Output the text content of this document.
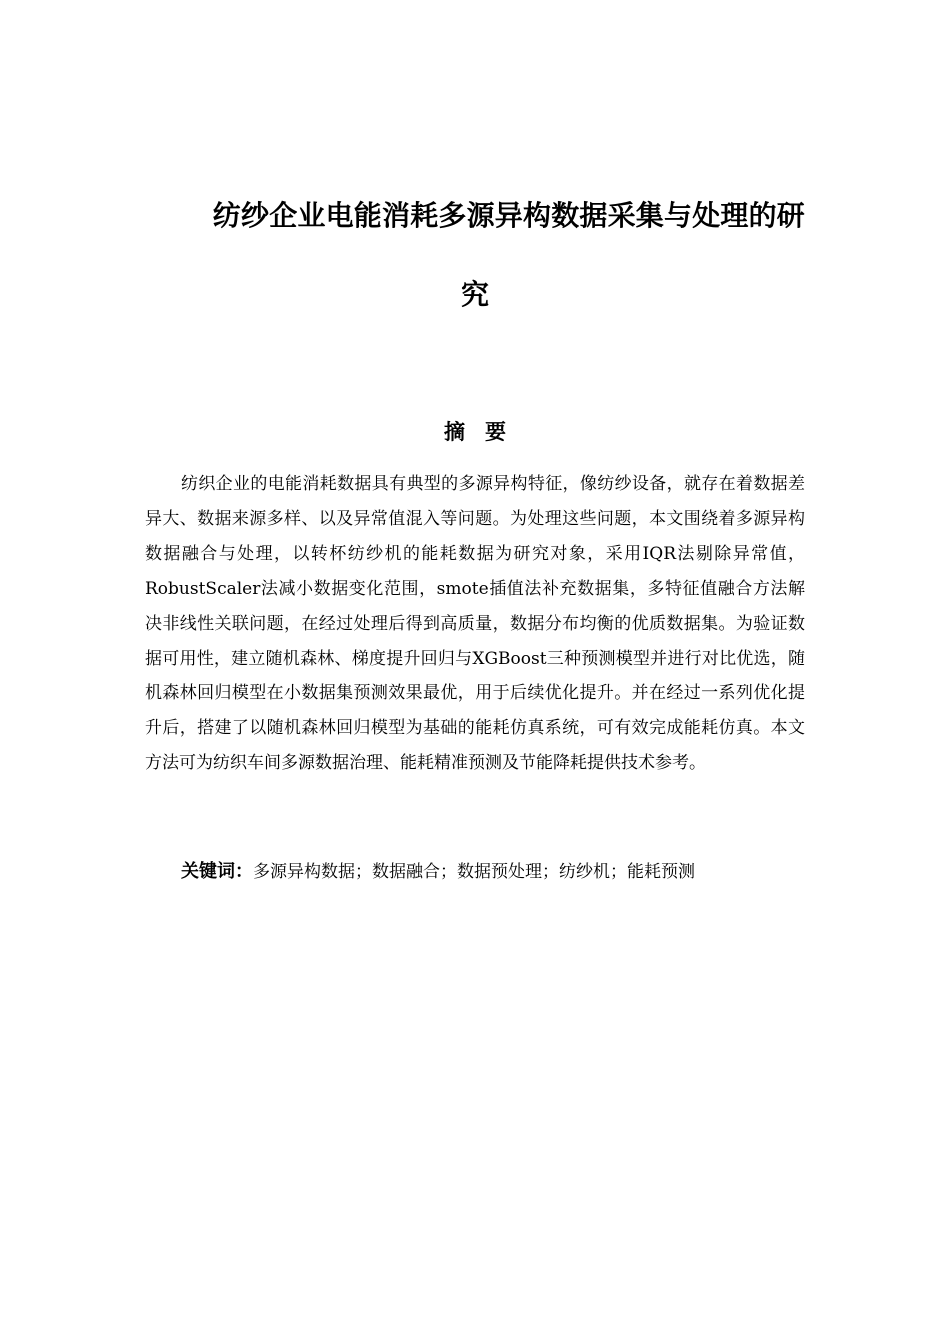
纺纱企业电能消耗多源异构数据采集与处理的研
究
摘要

纺织企业的电能消耗数据具有典型的多源异构特征，像纺纱设备，就存在着数据差异大、数据来源多样、以及异常值混入等问题。为处理这些问题，本文围绕着多源异构数据融合与处理，以转杯纺纱机的能耗数据为研究对象，采用IQR法剔除异常值，RobustScaler法减小数据变化范围，smote插值法补充数据集，多特征值融合方法解决非线性关联问题，在经过处理后得到高质量，数据分布均衡的优质数据集。为验证数据可用性，建立随机森林、梯度提升回归与XGBoost三种预测模型并进行对比优选，随机森林回归模型在小数据集预测效果最优，用于后续优化提升。并在经过一系列优化提升后，搭建了以随机森林回归模型为基础的能耗仿真系统，可有效完成能耗仿真。本文方法可为纺织车间多源数据治理、能耗精准预测及节能降耗提供技术参考。

关键词：多源异构数据；数据融合；数据预处理；纺纱机；能耗预测
